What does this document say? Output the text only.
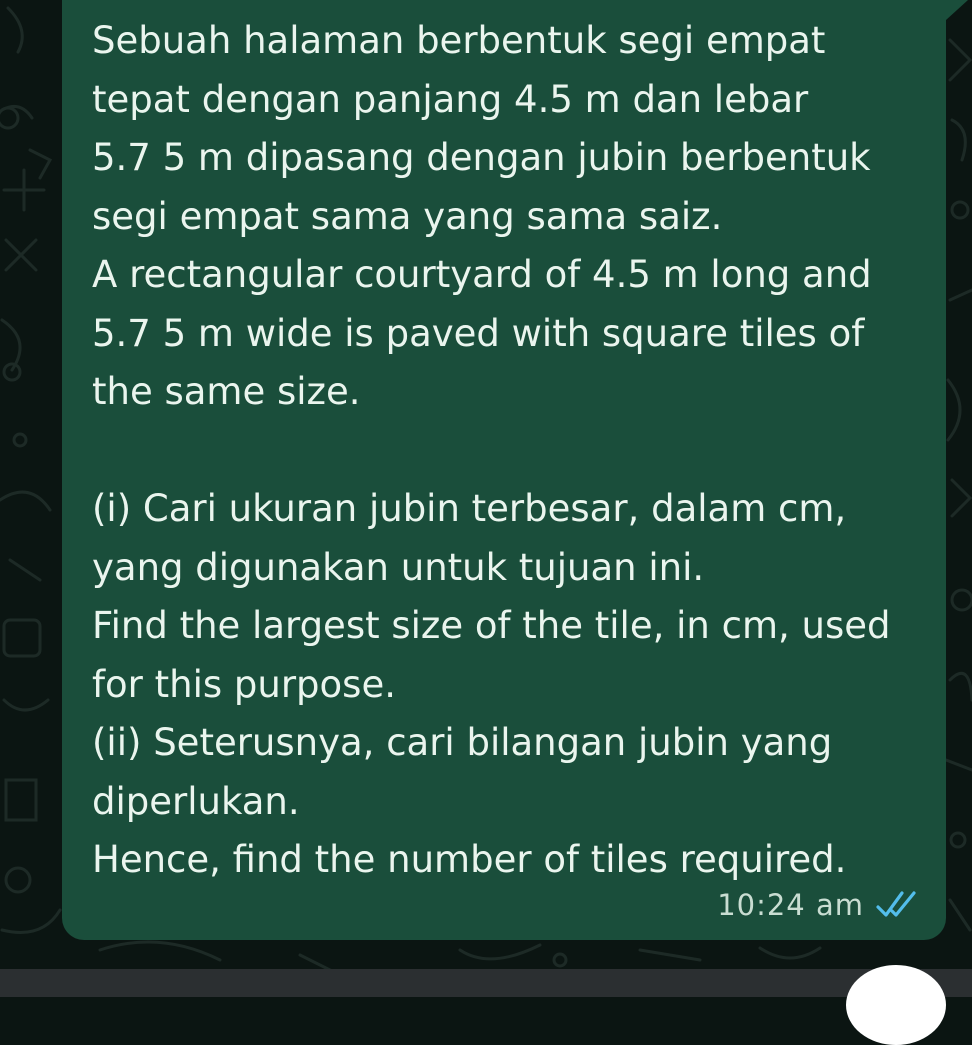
Sebuah halaman berbentuk segi empat
tepat dengan panjang 4.5 m dan lebar
5.7 5 m dipasang dengan jubin berbentuk
segi empat sama yang sama saiz.
A rectangular courtyard of 4.5 m long and
5.7 5 m wide is paved with square tiles of
the same size.
(i) Cari ukuran jubin terbesar, dalam cm,
yang digunakan untuk tujuan ini.
Find the largest size of the tile, in cm, used
for this purpose.
(ii) Seterusnya, cari bilangan jubin yang
diperlukan.
Hence, find the number of tiles required.
10:24 am
